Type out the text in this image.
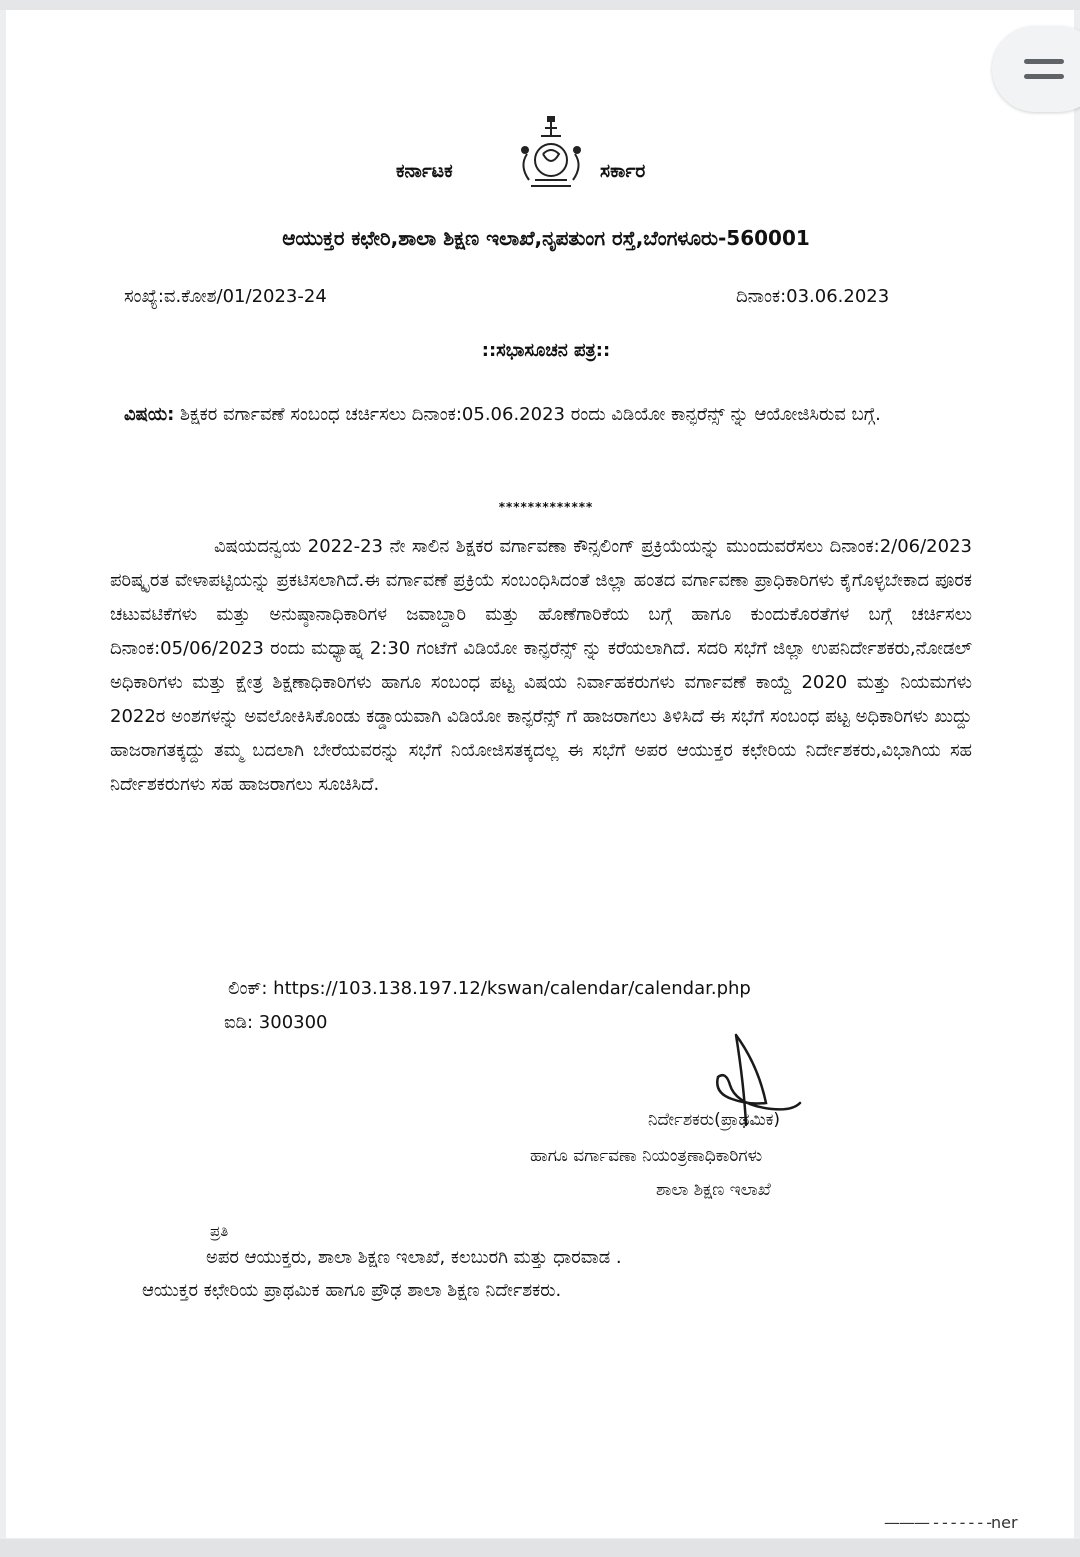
ಕರ್ನಾಟಕ	ಸರ್ಕಾರ
ಆಯುಕ್ತರ ಕಛೇರಿ,ಶಾಲಾ ಶಿಕ್ಷಣ ಇಲಾಖೆ,ನೃಪತುಂಗ ರಸ್ತೆ,ಬೆಂಗಳೂರು-560001
ಸಂಖ್ಯೆ:ವ.ಕೋಶ/01/2023-24	ದಿನಾಂಕ:03.06.2023
::ಸಭಾಸೂಚನ ಪತ್ರ::
ವಿಷಯ: ಶಿಕ್ಷಕರ ವರ್ಗಾವಣೆ ಸಂಬಂಧ ಚರ್ಚಿಸಲು ದಿನಾಂಕ:05.06.2023 ರಂದು ವಿಡಿಯೋ ಕಾನ್ಫರೆನ್ಸ್ ನ್ನು ಆಯೋಜಿಸಿರುವ ಬಗ್ಗೆ.
*************
ವಿಷಯದನ್ವಯ 2022-23 ನೇ ಸಾಲಿನ ಶಿಕ್ಷಕರ ವರ್ಗಾವಣಾ ಕೌನ್ಸಲಿಂಗ್ ಪ್ರಕ್ರಿಯೆಯನ್ನು ಮುಂದುವರೆಸಲು ದಿನಾಂಕ:2/06/2023 ಪರಿಷ್ಕೃರತ ವೇಳಾಪಟ್ಟಿಯನ್ನು ಪ್ರಕಟಿಸಲಾಗಿದೆ.ಈ ವರ್ಗಾವಣೆ ಪ್ರಕ್ರಿಯೆ ಸಂಬಂಧಿಸಿದಂತೆ ಜಿಲ್ಲಾ ಹಂತದ ವರ್ಗಾವಣಾ ಪ್ರಾಧಿಕಾರಿಗಳು ಕೈಗೊಳ್ಳಬೇಕಾದ ಪೂರಕ ಚಟುವಟಿಕೆಗಳು ಮತ್ತು ಅನುಷ್ಠಾನಾಧಿಕಾರಿಗಳ ಜವಾಬ್ದಾರಿ ಮತ್ತು ಹೊಣೆಗಾರಿಕೆಯ ಬಗ್ಗೆ ಹಾಗೂ ಕುಂದುಕೊರತೆಗಳ ಬಗ್ಗೆ ಚರ್ಚಿಸಲು ದಿನಾಂಕ:05/06/2023 ರಂದು ಮಧ್ಯಾಹ್ನ 2:30 ಗಂಟೆಗೆ ವಿಡಿಯೋ ಕಾನ್ಫರೆನ್ಸ್ ನ್ನು ಕರೆಯಲಾಗಿದೆ. ಸದರಿ ಸಭೆಗೆ ಜಿಲ್ಲಾ ಉಪನಿರ್ದೇಶಕರು,ನೋಡಲ್ ಅಧಿಕಾರಿಗಳು ಮತ್ತು ಕ್ಷೇತ್ರ ಶಿಕ್ಷಣಾಧಿಕಾರಿಗಳು ಹಾಗೂ ಸಂಬಂಧ ಪಟ್ಟ ವಿಷಯ ನಿರ್ವಾಹಕರುಗಳು ವರ್ಗಾವಣೆ ಕಾಯ್ದೆ 2020 ಮತ್ತು ನಿಯಮಗಳು 2022ರ ಅಂಶಗಳನ್ನು ಅವಲೋಕಿಸಿಕೊಂಡು ಕಡ್ಡಾಯವಾಗಿ ವಿಡಿಯೋ ಕಾನ್ಫರೆನ್ಸ್ ಗೆ ಹಾಜರಾಗಲು ತಿಳಿಸಿದೆ ಈ ಸಭೆಗೆ ಸಂಬಂಧ ಪಟ್ಟ ಅಧಿಕಾರಿಗಳು ಖುದ್ದು ಹಾಜರಾಗತಕ್ಕದ್ದು ತಮ್ಮ ಬದಲಾಗಿ ಬೇರೆಯವರನ್ನು ಸಭೆಗೆ ನಿಯೋಜಿಸತಕ್ಕದಲ್ಲ ಈ ಸಭೆಗೆ ಅಪರ ಆಯುಕ್ತರ ಕಛೇರಿಯ ನಿರ್ದೇಶಕರು,ವಿಭಾಗಿಯ ಸಹ ನಿರ್ದೇಶಕರುಗಳು ಸಹ ಹಾಜರಾಗಲು ಸೂಚಿಸಿದೆ.
ಲಿಂಕ್: https://103.138.197.12/kswan/calendar/calendar.php
ಐಡಿ: 300300
ನಿರ್ದೇಶಕರು(ಪ್ರಾಥಮಿಕ)
ಹಾಗೂ ವರ್ಗಾವಣಾ ನಿಯಂತ್ರಣಾಧಿಕಾರಿಗಳು
ಶಾಲಾ ಶಿಕ್ಷಣ ಇಲಾಖೆ
ಪ್ರತಿ
ಅಪರ ಆಯುಕ್ತರು, ಶಾಲಾ ಶಿಕ್ಷಣ ಇಲಾಖೆ, ಕಲಬುರಗಿ ಮತ್ತು ಧಾರವಾಡ .
ಆಯುಕ್ತರ ಕಛೇರಿಯ ಪ್ರಾಥಮಿಕ ಹಾಗೂ ಪ್ರೌಢ ಶಾಲಾ ಶಿಕ್ಷಣ ನಿರ್ದೇಶಕರು.
——— - - - - - - -ner
